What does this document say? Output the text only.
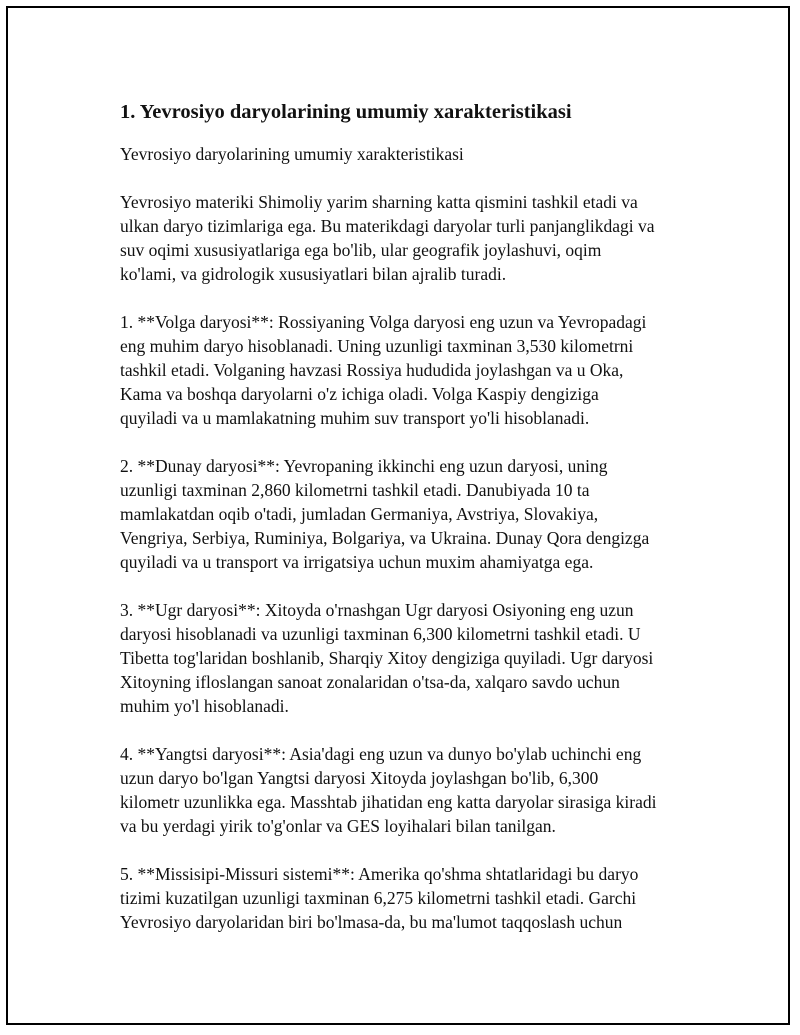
1. Yevrosiyo daryolarining umumiy xarakteristikasi
Yevrosiyo daryolarining umumiy xarakteristikasi
Yevrosiyo materiki Shimoliy yarim sharning katta qismini tashkil etadi va
ulkan daryo tizimlariga ega. Bu materikdagi daryolar turli panjanglikdagi va
suv oqimi xususiyatlariga ega bo'lib, ular geografik joylashuvi, oqim
ko'lami, va gidrologik xususiyatlari bilan ajralib turadi.
1. **Volga daryosi**: Rossiyaning Volga daryosi eng uzun va Yevropadagi
eng muhim daryo hisoblanadi. Uning uzunligi taxminan 3,530 kilometrni
tashkil etadi. Volganing havzasi Rossiya hududida joylashgan va u Oka,
Kama va boshqa daryolarni o'z ichiga oladi. Volga Kaspiy dengiziga
quyiladi va u mamlakatning muhim suv transport yo'li hisoblanadi.
2. **Dunay daryosi**: Yevropaning ikkinchi eng uzun daryosi, uning
uzunligi taxminan 2,860 kilometrni tashkil etadi. Danubiyada 10 ta
mamlakatdan oqib o'tadi, jumladan Germaniya, Avstriya, Slovakiya,
Vengriya, Serbiya, Ruminiya, Bolgariya, va Ukraina. Dunay Qora dengizga
quyiladi va u transport va irrigatsiya uchun muxim ahamiyatga ega.
3. **Ugr daryosi**: Xitoyda o'rnashgan Ugr daryosi Osiyoning eng uzun
daryosi hisoblanadi va uzunligi taxminan 6,300 kilometrni tashkil etadi. U
Tibetta tog'laridan boshlanib, Sharqiy Xitoy dengiziga quyiladi. Ugr daryosi
Xitoyning ifloslangan sanoat zonalaridan o'tsa-da, xalqaro savdo uchun
muhim yo'l hisoblanadi.
4. **Yangtsi daryosi**: Asia'dagi eng uzun va dunyo bo'ylab uchinchi eng
uzun daryo bo'lgan Yangtsi daryosi Xitoyda joylashgan bo'lib, 6,300
kilometr uzunlikka ega. Masshtab jihatidan eng katta daryolar sirasiga kiradi
va bu yerdagi yirik to'g'onlar va GES loyihalari bilan tanilgan.
5. **Missisipi-Missuri sistemi**: Amerika qo'shma shtatlaridagi bu daryo
tizimi kuzatilgan uzunligi taxminan 6,275 kilometrni tashkil etadi. Garchi
Yevrosiyo daryolaridan biri bo'lmasa-da, bu ma'lumot taqqoslash uchun
